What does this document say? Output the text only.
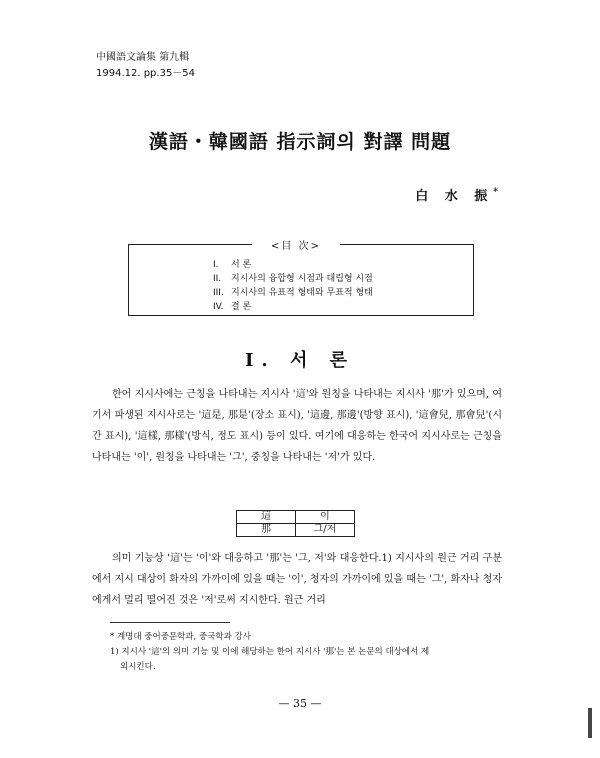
中國語文論集 第九輯
1994.12. pp.35－54
漢語・韓國語 指示詞의 對譯 問題
白 水 振*
<目 次>
I. 서 론
II. 지시사의 융합형 시점과 대립형 시점
III. 지시사의 유표적 형태와 무표적 형태
IV. 결 론
I. 서 론
한어 지시사에는 근칭을 나타내는 지시사 '這'와 원칭을 나타내는 지시사 '那'가 있으며, 여기서 파생된 지시사로는 '這是, 那是'(장소 표시), '這邊, 那邊'(방향 표시), '這會兒, 那會兒'(시간 표시), '這樣, 那樣'(방식, 정도 표시) 등이 있다. 여기에 대응하는 한국어 지시사로는 근칭을 나타내는 '이', 원칭을 나타내는 '그', 중칭을 나타내는 '저'가 있다.
這	이
那	그/저
의미 기능상 '這'는 '이'와 대응하고 '那'는 '그, 저'와 대응한다.1) 지시사의 원근 거리 구분에서 지시 대상이 화자의 가까이에 있을 때는 '이', 청자의 가까이에 있을 때는 '그', 화자나 청자에게서 멀리 떨어진 것은 '저'로써 지시한다. 원근 거리
* 계명대 중어중문학과, 중국학과 강사
1) 지시사 '這'의 의미 기능 및 이에 해당하는 한어 지시사 '那'는 본 논문의 대상에서 제
외시킨다.
— 35 —
